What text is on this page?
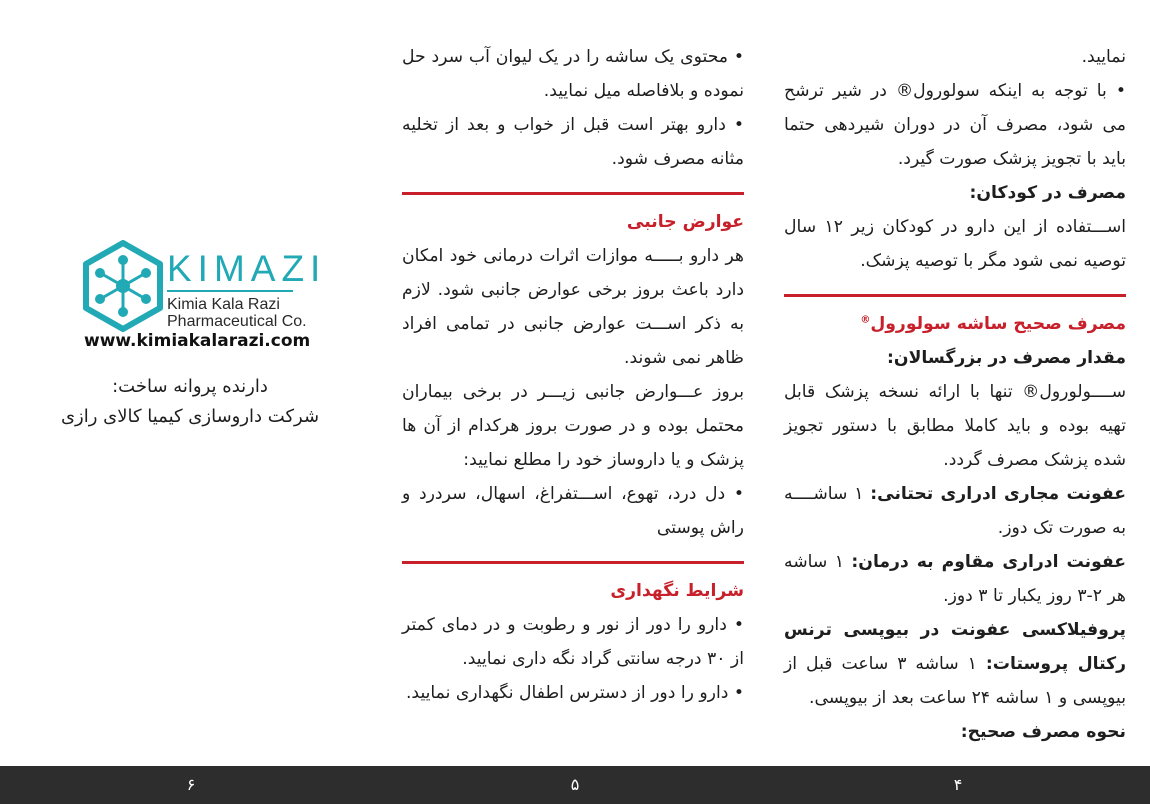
نمایید.
• با توجه به اینکه سولورول® در شیر ترشح می شود، مصرف آن در دوران شیردهی حتما باید با تجویز پزشک صورت گیرد.
مصرف در کودکان:
اســـتفاده از این دارو در کودکان زیر ۱۲ سال توصیه نمی شود مگر با توصیه پزشک.
مصرف صحیح ساشه سولورول®
مقدار مصرف در بزرگسالان:
ســــولورول® تنها با ارائه نسخه پزشک قابل تهیه بوده و باید کاملا مطابق با دستور تجویز شده پزشک مصرف گردد.
عفونت مجاری ادراری تحتانی: ۱ ساشــــه به صورت تک دوز.
عفونت ادراری مقاوم به درمان: ۱ ساشه هر ۲-۳ روز یکبار تا ۳ دوز.
پروفیلاکسی عفونت در بیوپسی ترنس رکتال پروستات: ۱ ساشه ۳ ساعت قبل از بیوپسی و ۱ ساشه ۲۴ ساعت بعد از بیوپسی.
نحوه مصرف صحیح:
• محتوی یک ساشه را در یک لیوان آب سرد حل نموده و بلافاصله میل نمایید.
• دارو بهتر است قبل از خواب و بعد از تخلیه مثانه مصرف شود.
عوارض جانبی
هر دارو بـــــه موازات اثرات درمانی خود امکان دارد باعث بروز برخی عوارض جانبی شود. لازم به ذکر اســـت عوارض جانبی در تمامی افراد ظاهر نمی شوند.
بروز عـــوارض جانبی زیـــر در برخی بیماران محتمل بوده و در صورت بروز هرکدام از آن ها پزشک و یا داروساز خود را مطلع نمایید:
• دل درد، تهوع، اســـتفراغ، اسهال، سردرد و راش پوستی
شرایط نگهداری
• دارو را دور از نور و رطوبت و در دمای کمتر از ۳۰ درجه سانتی گراد نگه داری نمایید.
• دارو را دور از دسترس اطفال نگهداری نمایید.
KIMAZI
Kimia Kala Razi
Pharmaceutical Co.
www.kimiakalarazi.com
دارنده پروانه ساخت:
شرکت داروسازی کیمیا کالای رازی
۶	۵	۴
